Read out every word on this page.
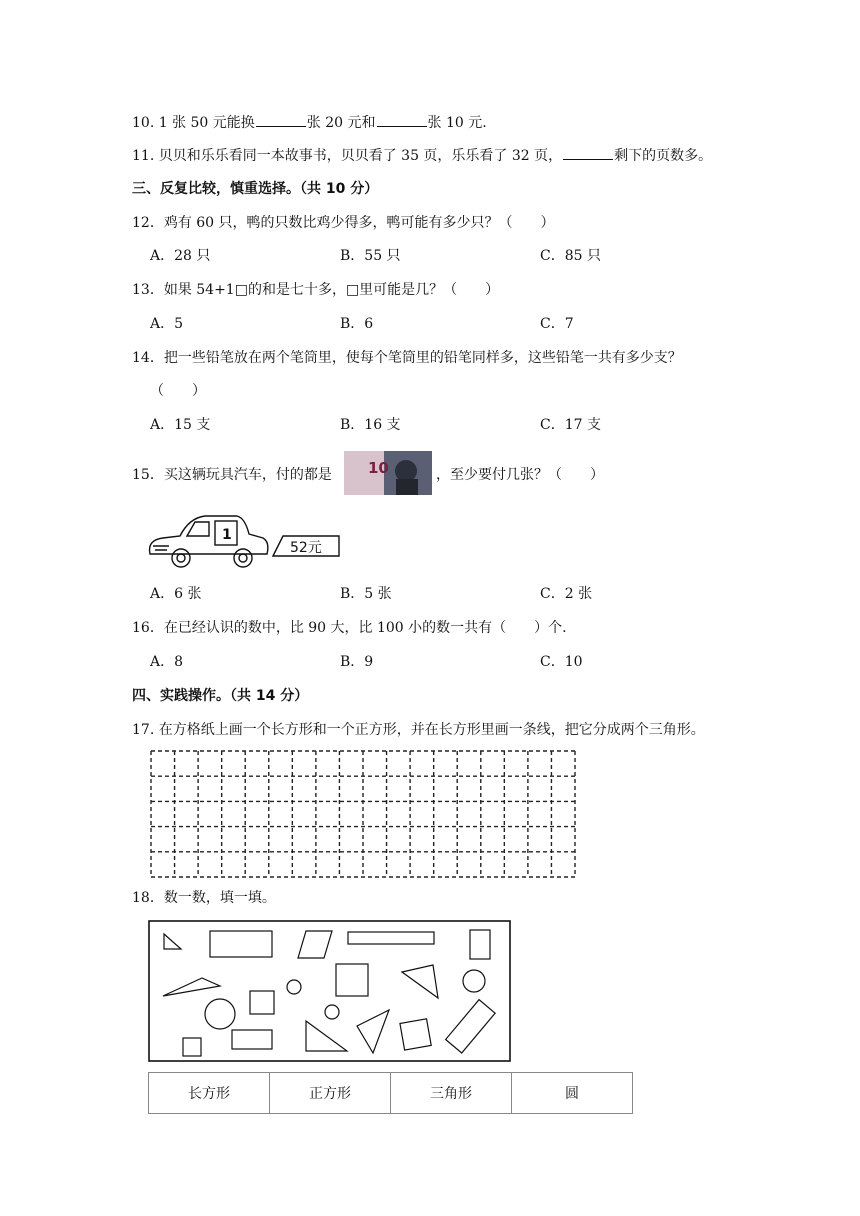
10. 1 张 50 元能换	张 20 元和	张 10 元.
11. 贝贝和乐乐看同一本故事书，贝贝看了 35 页，乐乐看了 32 页，	剩下的页数多。
三、反复比较，慎重选择。（共 10 分）
12．鸡有 60 只，鸭的只数比鸡少得多，鸭可能有多少只？（　　）
A．28 只	B．55 只	C．85 只
13．如果 54+1□的和是七十多，□里可能是几？（　　）
A．5	B．6	C．7
14．把一些铅笔放在两个笔筒里，使每个笔筒里的铅笔同样多，这些铅笔一共有多少支？
（　　）
A．15 支	B．16 支	C．17 支
15．买这辆玩具汽车，付的都是 10	，至少要付几张？（　　）
1
52元
A．6 张	B．5 张	C．2 张
16．在已经认识的数中，比 90 大，比 100 小的数一共有（　　）个.
A．8	B．9	C．10
四、实践操作。（共 14 分）
17. 在方格纸上画一个长方形和一个正方形，并在长方形里画一条线，把它分成两个三角形。
18．数一数，填一填。
长方形	正方形	三角形	圆
